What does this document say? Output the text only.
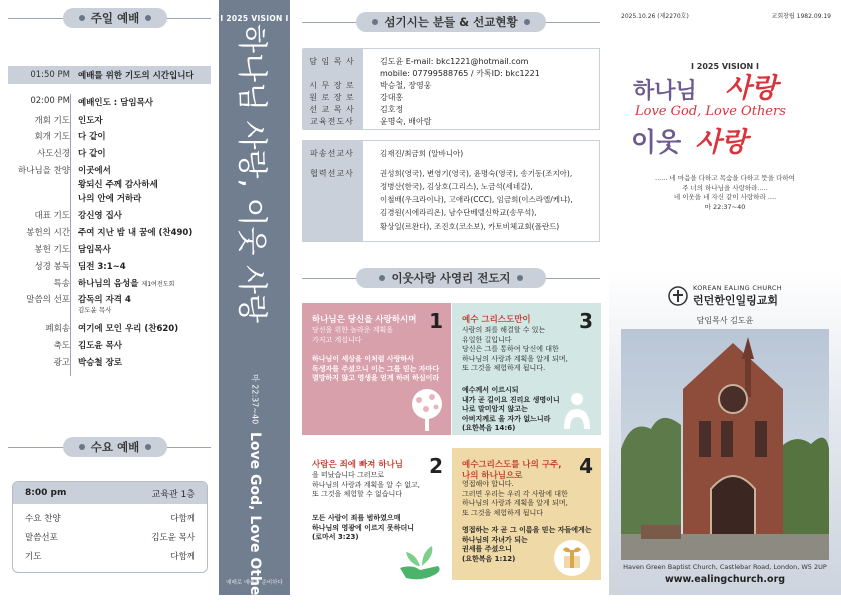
주일 예배
01:50 PM 예배를 위한 기도의 시간입니다
02:00 PM 예배인도 : 담임목사
개회 기도 인도자
회개 기도 다 같이
사도신경 다 같이
하나님을 찬양 이곳에서
왕되신 주께 감사하세
나의 안에 거하라
대표 기도 강신영 집사
봉헌의 시간 주여 지난 밤 내 꿈에 (찬490)
봉헌 기도 담임목사
성경 봉독 딤전 3:1~4
특송 하나님의 음성을 제1여전도회
말씀의 선포 감독의 자격 4
김도윤 목사
폐회송 여기에 모인 우리 (찬620)
축도 김도윤 목사
광고 박승철 장로
수요 예배
8:00 pm	교육관 1층
수요 찬양	다함께
말씀선포	김도윤 목사
기도	다함께
I 2025 VISION I
하나님 사랑, 이웃 사랑
마 22:37~40
Love God, Love Others
예배로 예배를 준비하다
섬기시는 분들 & 선교현황
담 임 목 사	김도윤 E-mail: bkc1221@hotmail.com
mobile: 07799588765 / 카톡ID: bkc1221
시 무 장 로	박승철, 장영웅
원 로 장 로	강대홍
선 교 목 사	김호정
교육전도사	윤명숙, 배아람
파송선교사	김재진/최금희 (알바니아)
협력선교사	권성희(영국), 변영기(영국), 윤명숙(영국), 송기동(조지아),
정병산(한국), 김상호(그리스), 노금석(세네갈),
이철배(우크라이나), 고애라(CCC), 임금희(이스라엘/케냐),
김경원(시에라리온), 남수단베델신학교(송무석),
황상일(르완다), 조진호(코소보), 카토비체교회(폴란드)
이웃사랑 사영리 전도지
하나님은 당신을 사랑하시며 1
당신을 위한 놀라운 계획을
가지고 계십니다
하나님이 세상을 이처럼 사랑하사
독생자를 주셨으니 이는 그를 믿는 자마다
멸망하지 않고 영생을 얻게 하려 하심이라
예수 그리스도만이 3
사람의 죄를 해결할 수 있는
유일한 길입니다
당신은 그를 통하여 당신에 대한
하나님의 사랑과 계획을 알게 되며,
또 그것을 체험하게 됩니다.
예수께서 이르시되
내가 곧 길이요 진리요 생명이니
나로 말미암지 않고는
아버지께로 올 자가 없느니라
(요한복음 14:6)
사람은 죄에 빠져 하나님 2
을 떠났습니다 그러므로
하나님의 사랑과 계획을 알 수 없고,
또 그것을 체험할 수 없습니다
모든 사람이 죄를 범하였으매
하나님의 영광에 이르지 못하더니
(로마서 3:23)
예수그리스도를 나의 구주,
나의 하나님으로	4
영접해야 합니다.
그러면 우리는 우리 각 사람에 대한
하나님의 사랑과 계획을 알게 되며,
또 그것을 체험하게 됩니다
영접하는 자 곧 그 이름을 믿는 자들에게는
하나님의 자녀가 되는
권세를 주셨으니
(요한복음 1:12)
2025.10.26 (제2270호)	교회창립 1982.09.19
I 2025 VISION I
하나님 사랑
Love God, Love Others
이웃 사랑
...... 네 마음을 다하고 목숨을 다하고 뜻을 다하여
주 너의 하나님을 사랑하라.....
네 이웃을 네 자신 같이 사랑하라 ....
마 22:37~40
KOREAN EALING CHURCH
런던한인일링교회
담임목사 김도윤
Haven Green Baptist Church, Castlebar Road, London, W5 2UP
www.ealingchurch.org
